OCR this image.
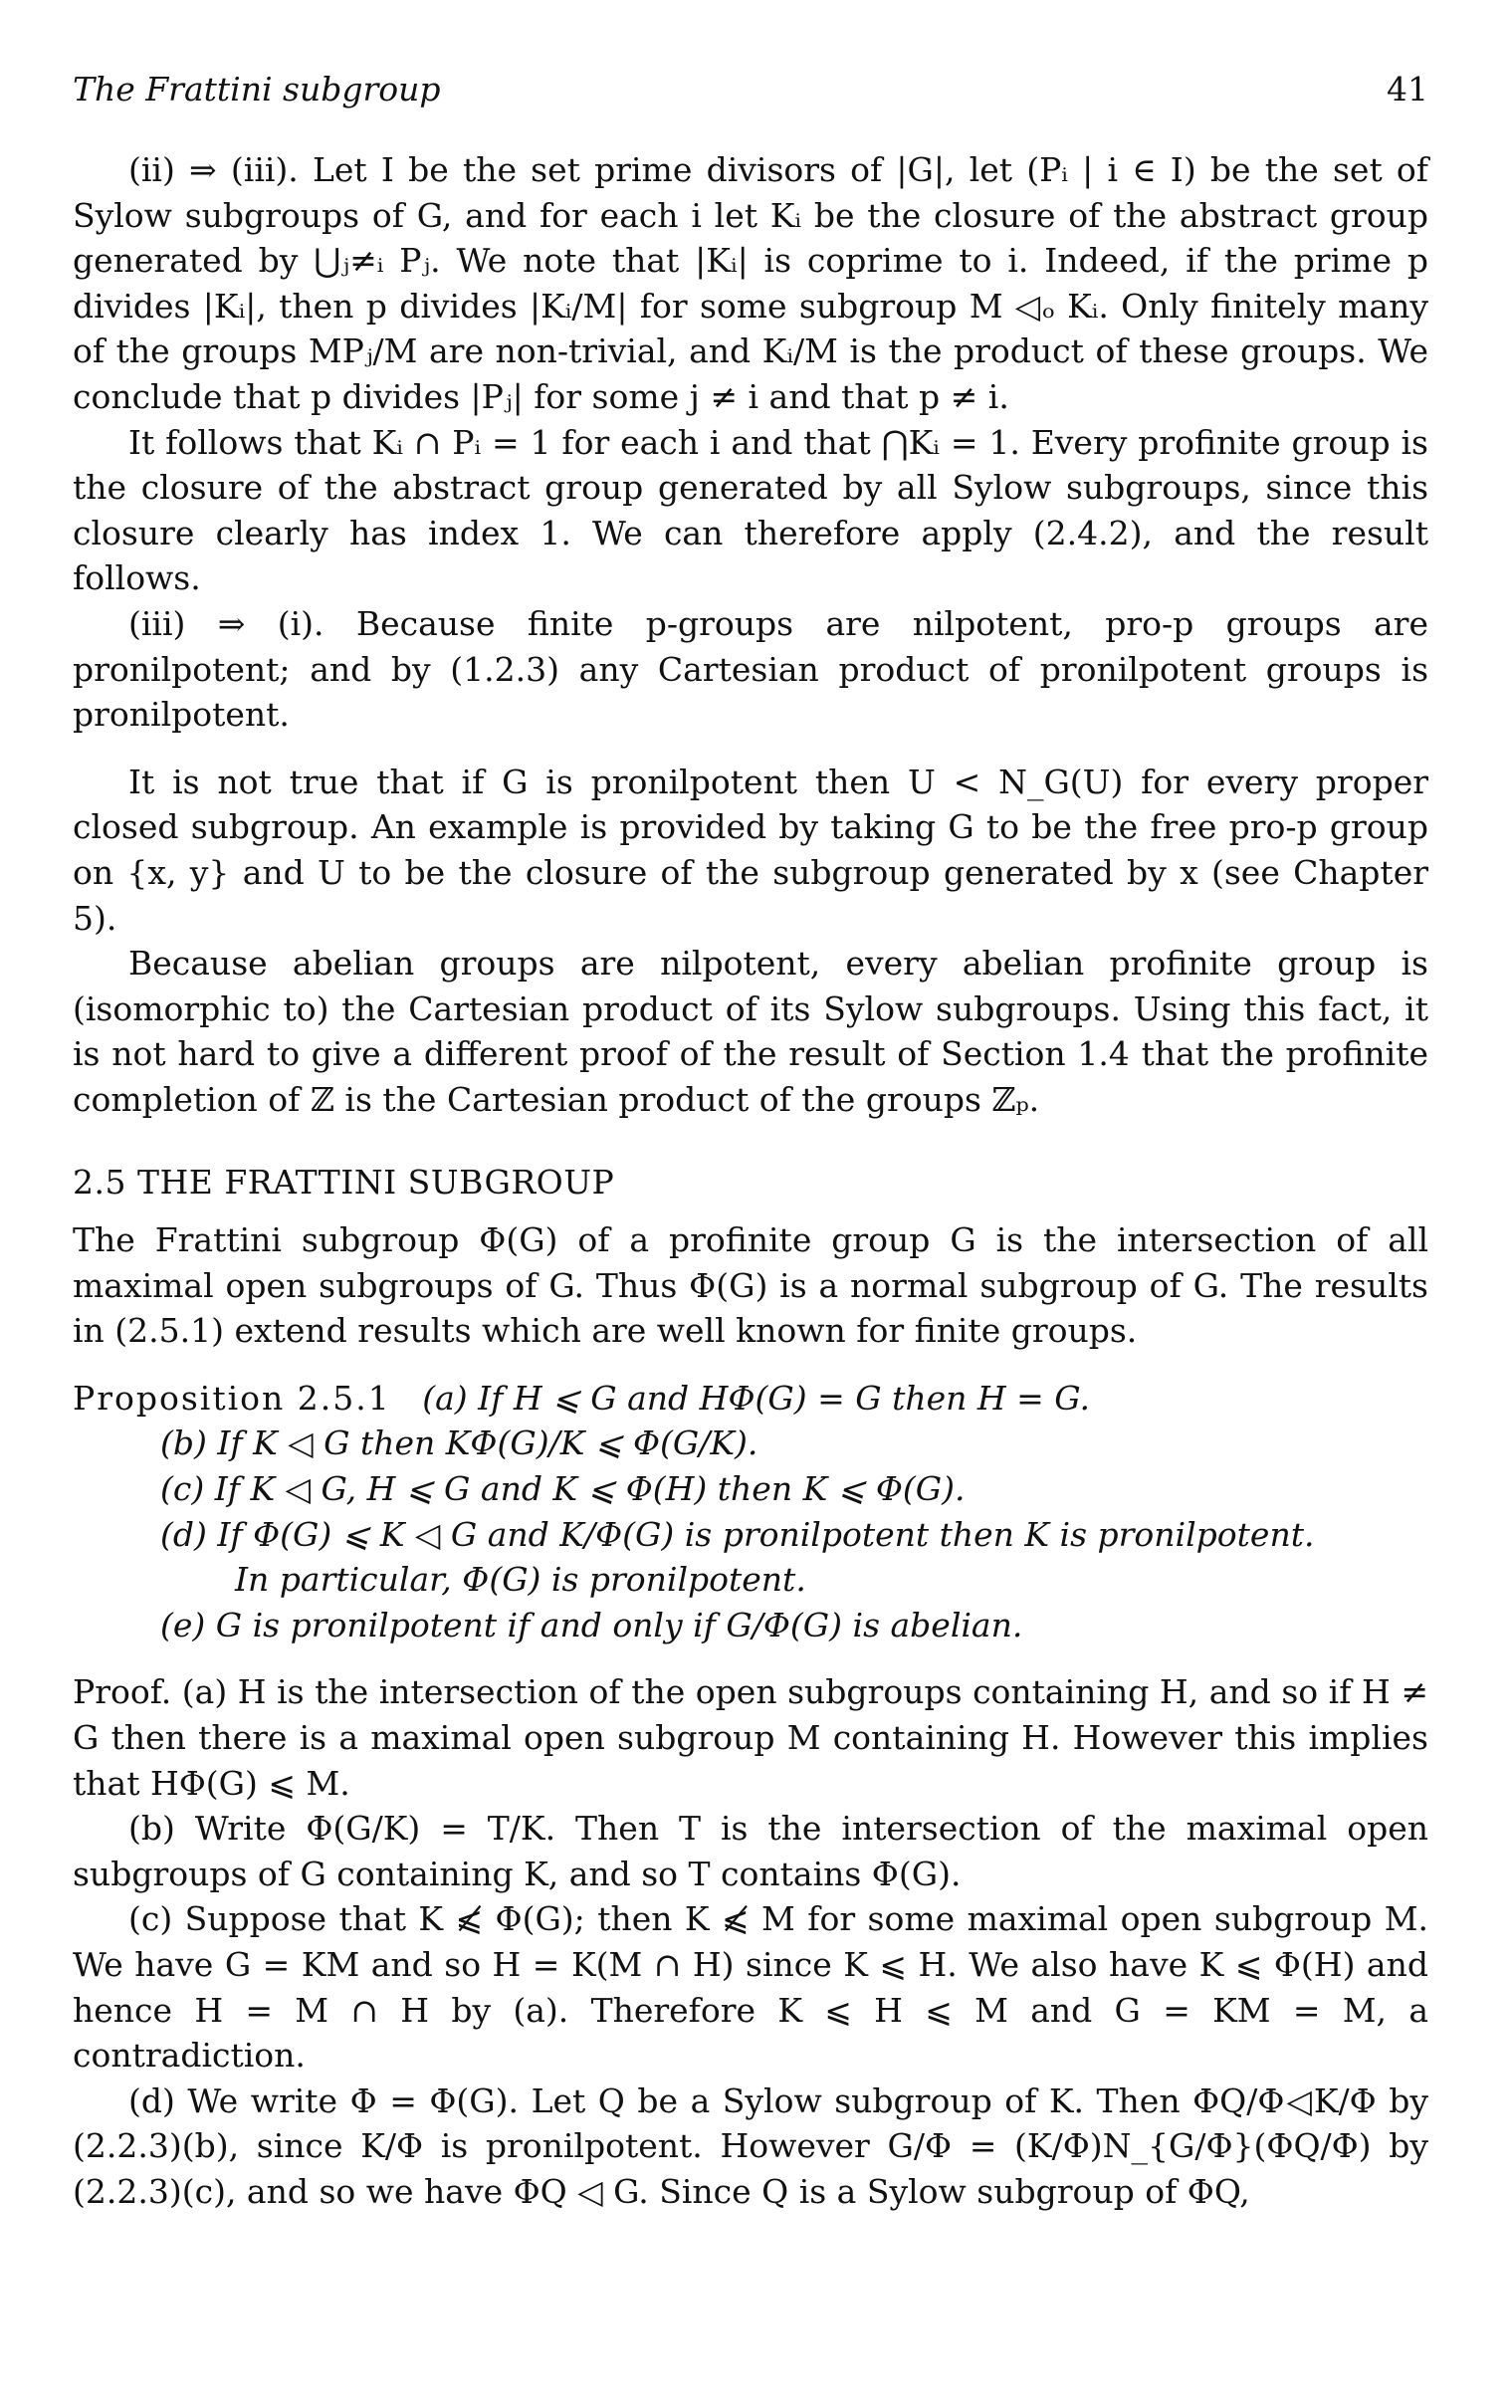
The Frattini subgroup	41

(ii) ⇒ (iii). Let I be the set prime divisors of |G|, let (Pᵢ | i ∈ I) be the set of Sylow subgroups of G, and for each i let Kᵢ be the closure of the abstract group generated by ⋃ⱼ≠ᵢ Pⱼ. We note that |Kᵢ| is coprime to i. Indeed, if the prime p divides |Kᵢ|, then p divides |Kᵢ/M| for some subgroup M ◁ₒ Kᵢ. Only finitely many of the groups MPⱼ/M are non-trivial, and Kᵢ/M is the product of these groups. We conclude that p divides |Pⱼ| for some j ≠ i and that p ≠ i.

It follows that Kᵢ ∩ Pᵢ = 1 for each i and that ⋂Kᵢ = 1. Every profinite group is the closure of the abstract group generated by all Sylow subgroups, since this closure clearly has index 1. We can therefore apply (2.4.2), and the result follows.

(iii) ⇒ (i). Because finite p-groups are nilpotent, pro-p groups are pronilpotent; and by (1.2.3) any Cartesian product of pronilpotent groups is pronilpotent.

It is not true that if G is pronilpotent then U < N_G(U) for every proper closed subgroup. An example is provided by taking G to be the free pro-p group on {x, y} and U to be the closure of the subgroup generated by x (see Chapter 5).

Because abelian groups are nilpotent, every abelian profinite group is (isomorphic to) the Cartesian product of its Sylow subgroups. Using this fact, it is not hard to give a different proof of the result of Section 1.4 that the profinite completion of ℤ is the Cartesian product of the groups ℤₚ.

2.5 THE FRATTINI SUBGROUP

The Frattini subgroup Φ(G) of a profinite group G is the intersection of all maximal open subgroups of G. Thus Φ(G) is a normal subgroup of G. The results in (2.5.1) extend results which are well known for finite groups.

Proposition 2.5.1 (a) If H ⩽ G and HΦ(G) = G then H = G.

(b) If K ◁ G then KΦ(G)/K ⩽ Φ(G/K).

(c) If K ◁ G, H ⩽ G and K ⩽ Φ(H) then K ⩽ Φ(G).

(d) If Φ(G) ⩽ K ◁ G and K/Φ(G) is pronilpotent then K is pronilpotent.

In particular, Φ(G) is pronilpotent.

(e) G is pronilpotent if and only if G/Φ(G) is abelian.

Proof. (a) H is the intersection of the open subgroups containing H, and so if H ≠ G then there is a maximal open subgroup M containing H. However this implies that HΦ(G) ⩽ M.

(b) Write Φ(G/K) = T/K. Then T is the intersection of the maximal open subgroups of G containing K, and so T contains Φ(G).

(c) Suppose that K ⩽̸ Φ(G); then K ⩽̸ M for some maximal open subgroup M. We have G = KM and so H = K(M ∩ H) since K ⩽ H. We also have K ⩽ Φ(H) and hence H = M ∩ H by (a). Therefore K ⩽ H ⩽ M and G = KM = M, a contradiction.

(d) We write Φ = Φ(G). Let Q be a Sylow subgroup of K. Then ΦQ/Φ◁K/Φ by (2.2.3)(b), since K/Φ is pronilpotent. However G/Φ = (K/Φ)N_{G/Φ}(ΦQ/Φ) by (2.2.3)(c), and so we have ΦQ ◁ G. Since Q is a Sylow subgroup of ΦQ,
